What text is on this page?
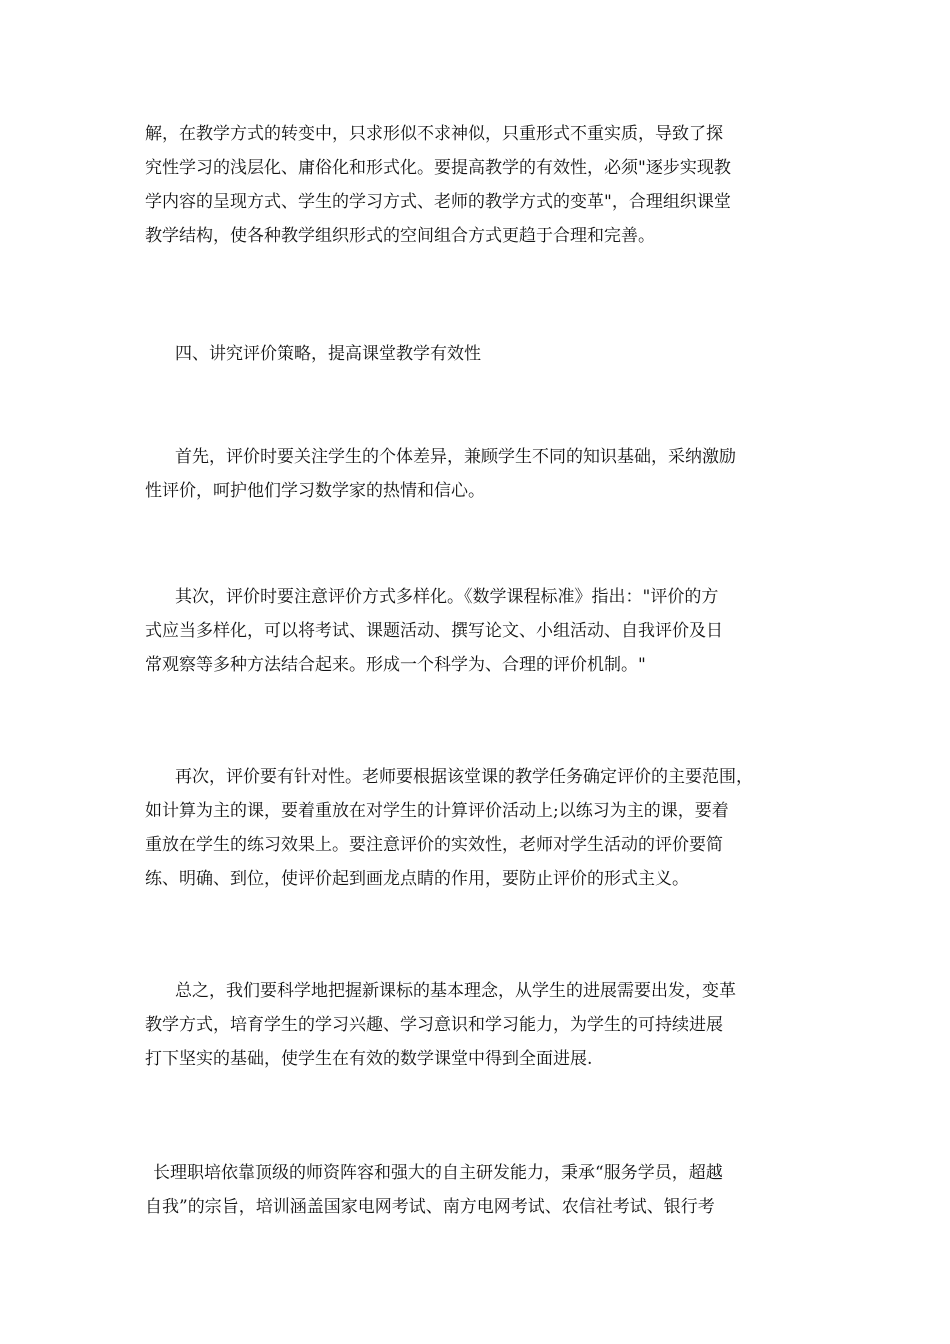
解，在教学方式的转变中，只求形似不求神似，只重形式不重实质，导致了探
究性学习的浅层化、庸俗化和形式化。要提高教学的有效性，必须"逐步实现教
学内容的呈现方式、学生的学习方式、老师的教学方式的变革"，合理组织课堂
教学结构，使各种教学组织形式的空间组合方式更趋于合理和完善。
四、讲究评价策略，提高课堂教学有效性
首先，评价时要关注学生的个体差异，兼顾学生不同的知识基础，采纳激励
性评价，呵护他们学习数学家的热情和信心。
其次，评价时要注意评价方式多样化。《数学课程标准》指出："评价的方
式应当多样化，可以将考试、课题活动、撰写论文、小组活动、自我评价及日
常观察等多种方法结合起来。形成一个科学为、合理的评价机制。"
再次，评价要有针对性。老师要根据该堂课的教学任务确定评价的主要范围，
如计算为主的课，要着重放在对学生的计算评价活动上;以练习为主的课，要着
重放在学生的练习效果上。要注意评价的实效性，老师对学生活动的评价要简
练、明确、到位，使评价起到画龙点睛的作用，要防止评价的形式主义。
总之，我们要科学地把握新课标的基本理念，从学生的进展需要出发，变革
教学方式，培育学生的学习兴趣、学习意识和学习能力，为学生的可持续进展
打下坚实的基础，使学生在有效的数学课堂中得到全面进展.
长理职培依靠顶级的师资阵容和强大的自主研发能力，秉承“服务学员，超越
自我”的宗旨，培训涵盖国家电网考试、南方电网考试、农信社考试、银行考
